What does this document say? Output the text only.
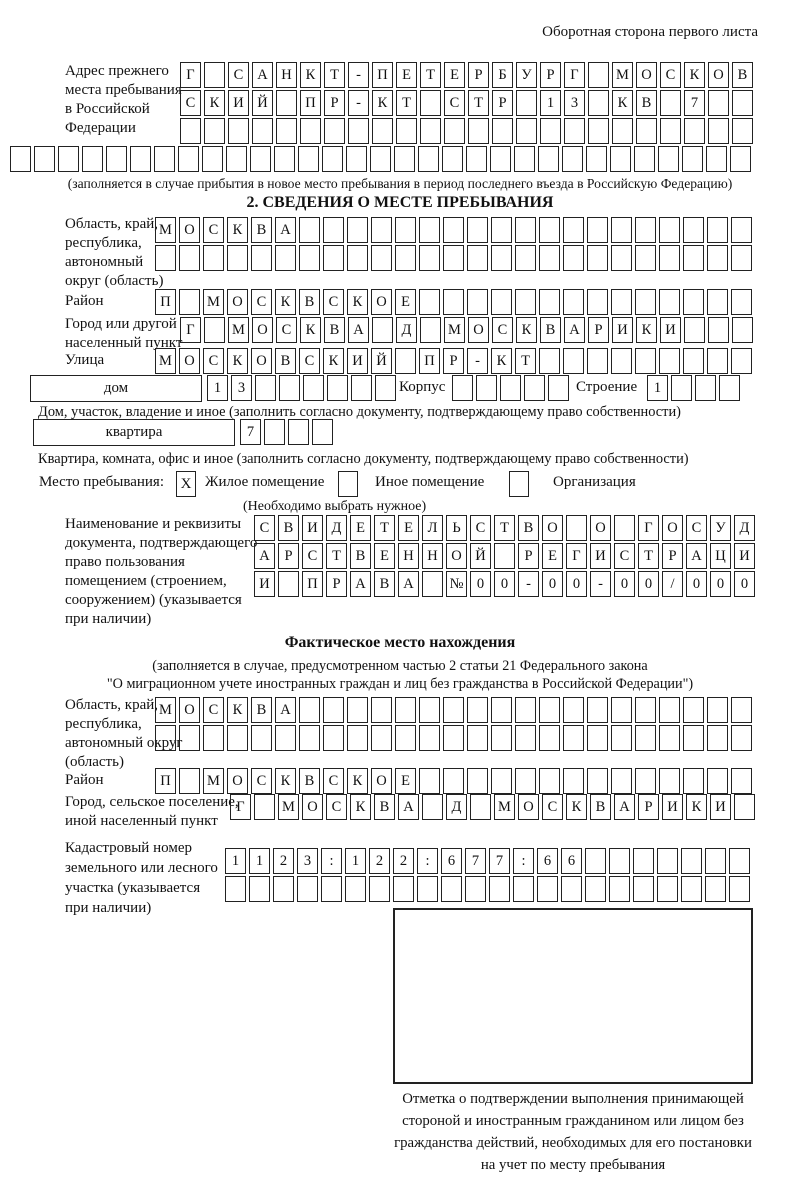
Оборотная сторона первого листа
Адрес прежнего
места пребывания
в Российской
Федерации
Г	С А Н К	Т	-	П Е	Т	Е	Р	Б	У	Р	Г	М О С К О В
С К И Й	П	Р	-	К	Т	С	Т	Р	1	3	К В	7
(заполняется в случае прибытия в новое место пребывания в период последнего въезда в Российскую Федерацию)
2. СВЕДЕНИЯ О МЕСТЕ ПРЕБЫВАНИЯ
Область, край,
республика,
автономный
округ (область)
М О С К В А
Район	П	М О С К В С К О Е
Город или другой
населенный пункт
Г	М О С К В А	Д	М О С К В А	Р	И К И
Улица	М О С К О В С К И Й	П	Р	-	К	Т
дом	1	3	Корпус	Строение	1
Дом, участок, владение и иное (заполнить согласно документу, подтверждающему право собственности)
квартира	7
Квартира, комната, офис и иное (заполнить согласно документу, подтверждающему право собственности)
Место пребывания:	X Жилое помещение	Иное помещение	Организация
(Необходимо выбрать нужное)
Наименование и реквизиты
документа, подтверждающего
право пользования
помещением (строением,
сооружением) (указывается
при наличии)
С В И Д	Е	Т	Е	Л	Ь	С	Т	В О	О	Г	О С У Д
А	Р	С	Т	В	Е Н Н О Й	Р	Е	Г	И С	Т	Р	А Ц И
И	П	Р	А В А	№ 0	0	-	0	0	-	0	0	/	0	0	0
Фактическое место нахождения
(заполняется в случае, предусмотренном частью 2 статьи 21 Федерального закона
"О миграционном учете иностранных граждан и лиц без гражданства в Российской Федерации")
Область, край,
республика,
автономный округ
(область)
М О С К В А
Район	П	М О С К В С К О Е
Город, сельское поселение,
иной населенный пункт
Г	М О С К В А	Д	М О С К В А	Р	И К И
Кадастровый номер
земельного или лесного
участка (указывается
при наличии)
1	1	2	3	:	1	2	2	:	6	7	7	:	6	6
Отметка о подтверждении выполнения принимающей
стороной и иностранным гражданином или лицом без
гражданства действий, необходимых для его постановки
на учет по месту пребывания
